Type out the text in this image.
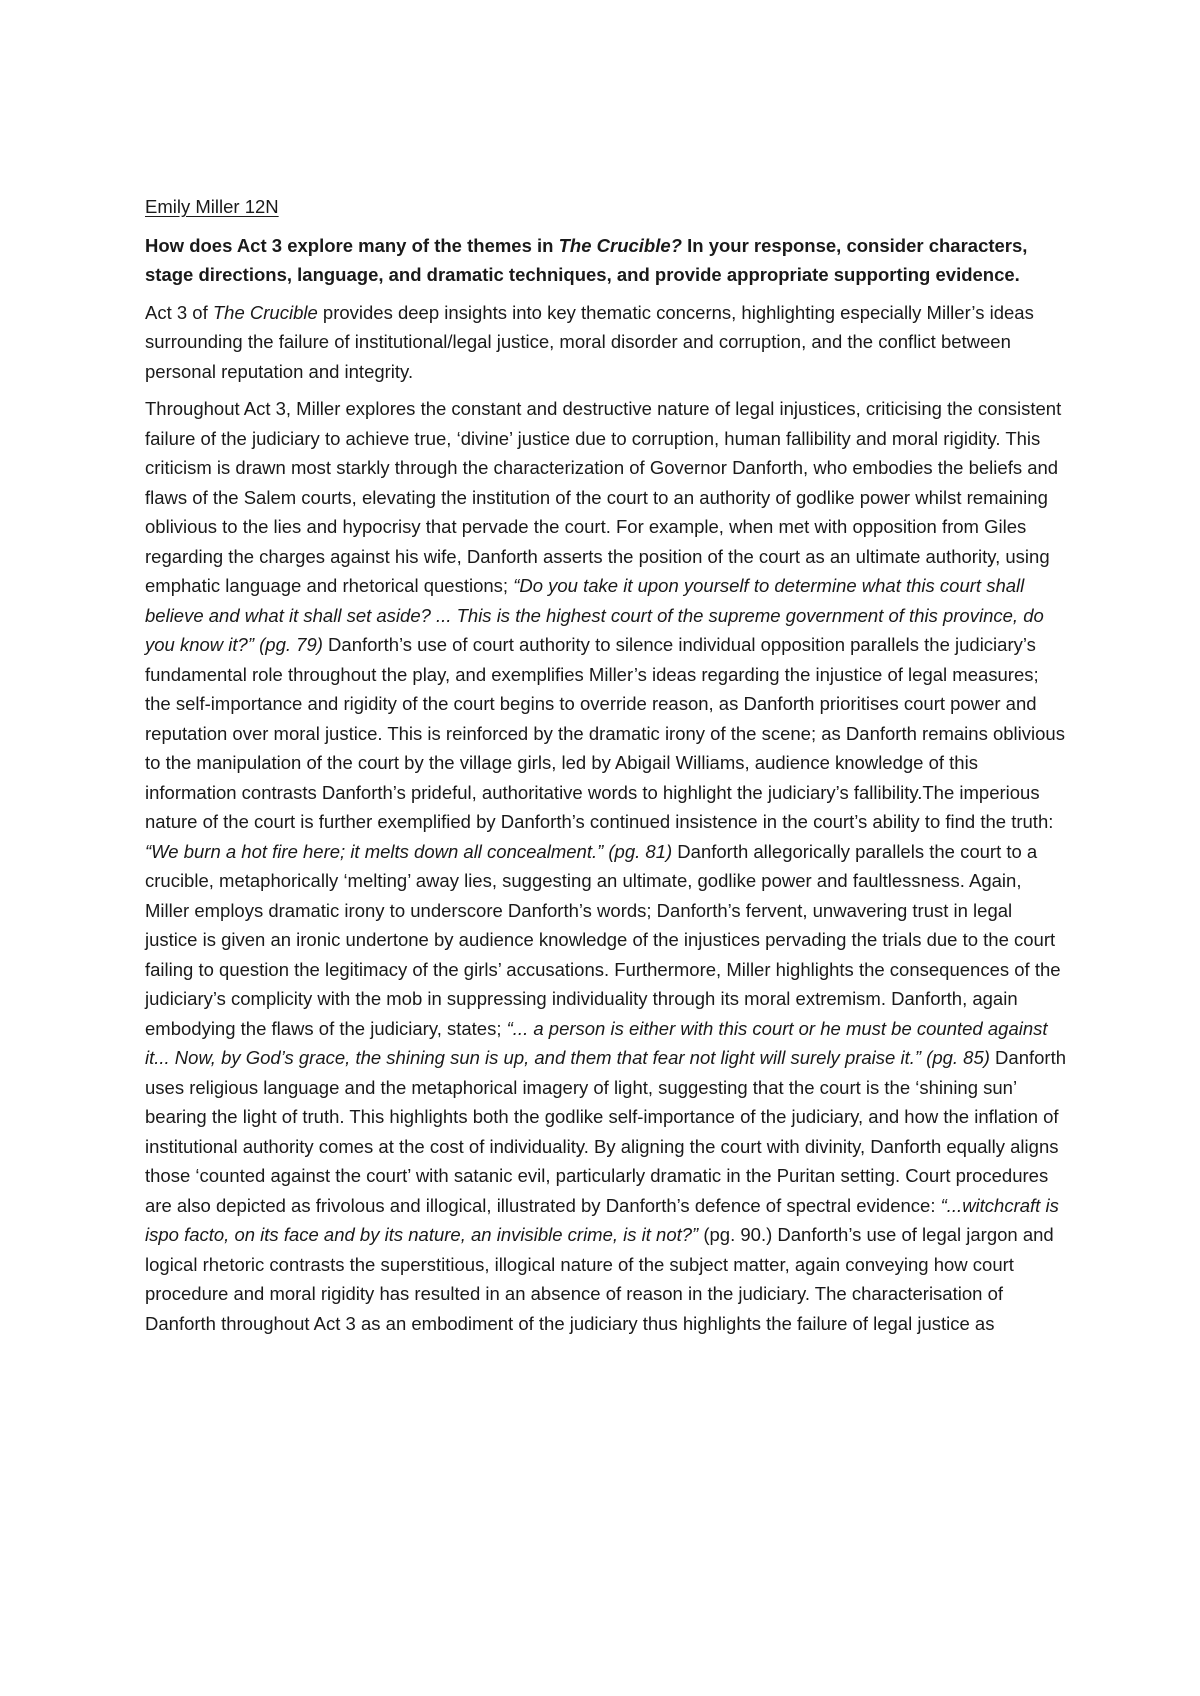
Emily Miller 12N

How does Act 3 explore many of the themes in The Crucible? In your response, consider characters, stage directions, language, and dramatic techniques, and provide appropriate supporting evidence.

Act 3 of The Crucible provides deep insights into key thematic concerns, highlighting especially Miller’s ideas surrounding the failure of institutional/legal justice, moral disorder and corruption, and the conflict between personal reputation and integrity.

Throughout Act 3, Miller explores the constant and destructive nature of legal injustices, criticising the consistent failure of the judiciary to achieve true, ‘divine’ justice due to corruption, human fallibility and moral rigidity. This criticism is drawn most starkly through the characterization of Governor Danforth, who embodies the beliefs and flaws of the Salem courts, elevating the institution of the court to an authority of godlike power whilst remaining oblivious to the lies and hypocrisy that pervade the court. For example, when met with opposition from Giles regarding the charges against his wife, Danforth asserts the position of the court as an ultimate authority, using emphatic language and rhetorical questions; “Do you take it upon yourself to determine what this court shall believe and what it shall set aside? ... This is the highest court of the supreme government of this province, do you know it?” (pg. 79) Danforth’s use of court authority to silence individual opposition parallels the judiciary’s fundamental role throughout the play, and exemplifies Miller’s ideas regarding the injustice of legal measures; the self-importance and rigidity of the court begins to override reason, as Danforth prioritises court power and reputation over moral justice. This is reinforced by the dramatic irony of the scene; as Danforth remains oblivious to the manipulation of the court by the village girls, led by Abigail Williams, audience knowledge of this information contrasts Danforth’s prideful, authoritative words to highlight the judiciary’s fallibility.The imperious nature of the court is further exemplified by Danforth’s continued insistence in the court’s ability to find the truth: “We burn a hot fire here; it melts down all concealment.” (pg. 81) Danforth allegorically parallels the court to a crucible, metaphorically ‘melting’ away lies, suggesting an ultimate, godlike power and faultlessness. Again, Miller employs dramatic irony to underscore Danforth’s words; Danforth’s fervent, unwavering trust in legal justice is given an ironic undertone by audience knowledge of the injustices pervading the trials due to the court failing to question the legitimacy of the girls’ accusations. Furthermore, Miller highlights the consequences of the judiciary’s complicity with the mob in suppressing individuality through its moral extremism. Danforth, again embodying the flaws of the judiciary, states; “... a person is either with this court or he must be counted against it... Now, by God’s grace, the shining sun is up, and them that fear not light will surely praise it.” (pg. 85) Danforth uses religious language and the metaphorical imagery of light, suggesting that the court is the ‘shining sun’ bearing the light of truth. This highlights both the godlike self-importance of the judiciary, and how the inflation of institutional authority comes at the cost of individuality. By aligning the court with divinity, Danforth equally aligns those ‘counted against the court’ with satanic evil, particularly dramatic in the Puritan setting. Court procedures are also depicted as frivolous and illogical, illustrated by Danforth’s defence of spectral evidence: “...witchcraft is ispo facto, on its face and by its nature, an invisible crime, is it not?” (pg. 90.) Danforth’s use of legal jargon and logical rhetoric contrasts the superstitious, illogical nature of the subject matter, again conveying how court procedure and moral rigidity has resulted in an absence of reason in the judiciary. The characterisation of Danforth throughout Act 3 as an embodiment of the judiciary thus highlights the failure of legal justice as
